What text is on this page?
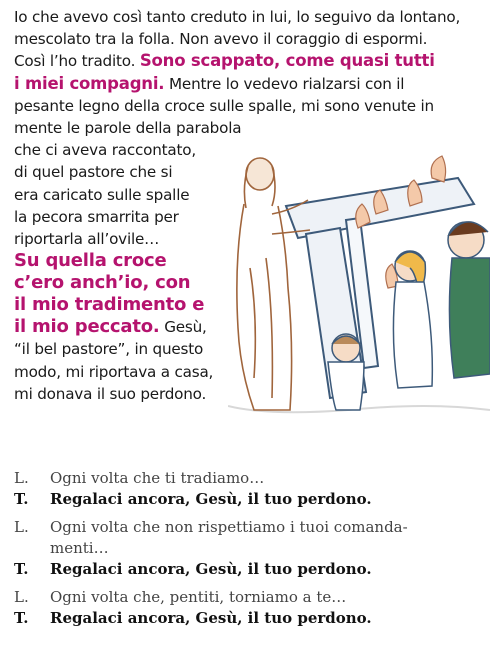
Io che avevo così tanto creduto in lui, lo seguivo da lontano,
mescolato tra la folla. Non avevo il coraggio di espormi.
Così l’ho tradito. Sono scappato, come quasi tutti
i miei compagni. Mentre lo vedevo rialzarsi con il
pesante legno della croce sulle spalle, mi sono venute in
mente le parole della parabola
che ci aveva raccontato,
di quel pastore che si
era caricato sulle spalle
la pecora smarrita per
riportarla all’ovile…
Su quella croce
c’ero anch’io, con
il mio tradimento e
il mio peccato. Gesù,
“il bel pastore”, in questo
modo, mi riportava a casa,
mi donava il suo perdono.
L.	Ogni volta che ti tradiamo…
T.	Regalaci ancora, Gesù, il tuo perdono.
L.	Ogni volta che non rispettiamo i tuoi comanda-
menti…
T.	Regalaci ancora, Gesù, il tuo perdono.
L.	Ogni volta che, pentiti, torniamo a te…
T.	Regalaci ancora, Gesù, il tuo perdono.
